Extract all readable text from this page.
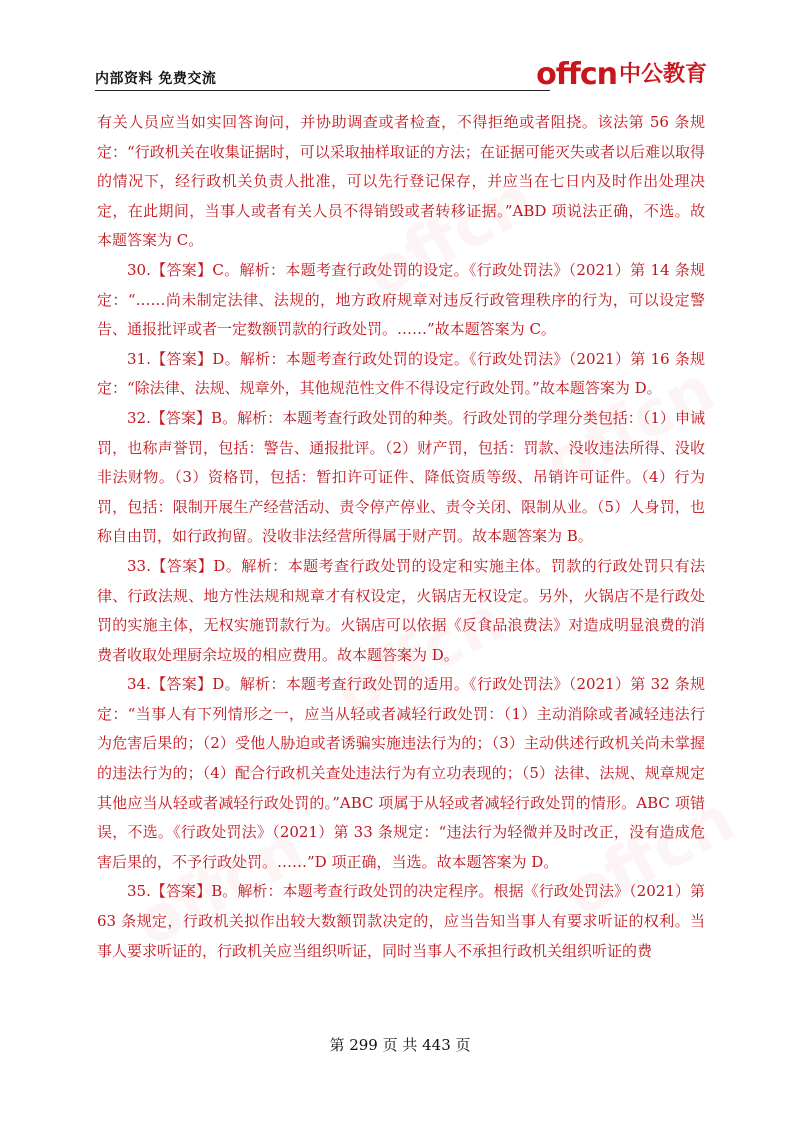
内部资料 免费交流	offcn 中公教育

有关人员应当如实回答询问，并协助调查或者检查，不得拒绝或者阻挠。该法第 56 条规定：“行政机关在收集证据时，可以采取抽样取证的方法；在证据可能灭失或者以后难以取得的情况下，经行政机关负责人批准，可以先行登记保存，并应当在七日内及时作出处理决定，在此期间，当事人或者有关人员不得销毁或者转移证据。”ABD 项说法正确，不选。故本题答案为 C。

30.【答案】C。解析：本题考查行政处罚的设定。《行政处罚法》（2021）第 14 条规定：“……尚未制定法律、法规的，地方政府规章对违反行政管理秩序的行为，可以设定警告、通报批评或者一定数额罚款的行政处罚。……”故本题答案为 C。

31.【答案】D。解析：本题考查行政处罚的设定。《行政处罚法》（2021）第 16 条规定：“除法律、法规、规章外，其他规范性文件不得设定行政处罚。”故本题答案为 D。

32.【答案】B。解析：本题考查行政处罚的种类。行政处罚的学理分类包括：（1）申诫罚，也称声誉罚，包括：警告、通报批评。（2）财产罚，包括：罚款、没收违法所得、没收非法财物。（3）资格罚，包括：暂扣许可证件、降低资质等级、吊销许可证件。（4）行为罚，包括：限制开展生产经营活动、责令停产停业、责令关闭、限制从业。（5）人身罚，也称自由罚，如行政拘留。没收非法经营所得属于财产罚。故本题答案为 B。

33.【答案】D。解析：本题考查行政处罚的设定和实施主体。罚款的行政处罚只有法律、行政法规、地方性法规和规章才有权设定，火锅店无权设定。另外，火锅店不是行政处罚的实施主体，无权实施罚款行为。火锅店可以依据《反食品浪费法》对造成明显浪费的消费者收取处理厨余垃圾的相应费用。故本题答案为 D。

34.【答案】D。解析：本题考查行政处罚的适用。《行政处罚法》（2021）第 32 条规定：“当事人有下列情形之一，应当从轻或者减轻行政处罚：（1）主动消除或者减轻违法行为危害后果的；（2）受他人胁迫或者诱骗实施违法行为的；（3）主动供述行政机关尚未掌握的违法行为的；（4）配合行政机关查处违法行为有立功表现的；（5）法律、法规、规章规定其他应当从轻或者减轻行政处罚的。”ABC 项属于从轻或者减轻行政处罚的情形。ABC 项错误，不选。《行政处罚法》（2021）第 33 条规定：“违法行为轻微并及时改正，没有造成危害后果的，不予行政处罚。……”D 项正确，当选。故本题答案为 D。

35.【答案】B。解析：本题考查行政处罚的决定程序。根据《行政处罚法》（2021）第 63 条规定，行政机关拟作出较大数额罚款决定的，应当告知当事人有要求听证的权利。当事人要求听证的，行政机关应当组织听证，同时当事人不承担行政机关组织听证的费

第 299 页 共 443 页
